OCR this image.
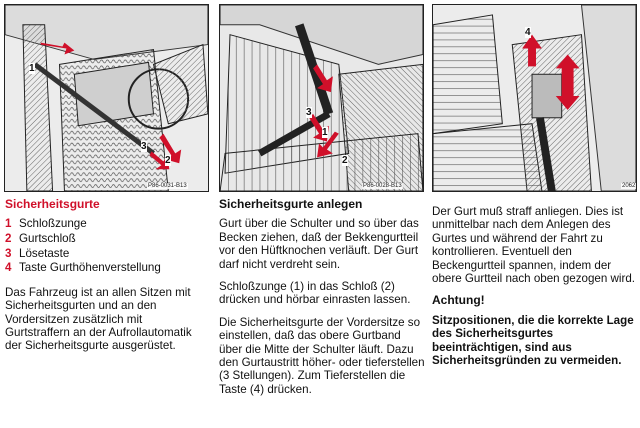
P86-0031-B13
1
3
2
P86-0028-B13
3
1
2
2062
4
Sicherheitsgurte
1 Schloßzunge
2 Gurtschloß
3 Lösetaste
4 Taste Gurthöhenverstellung

Das Fahrzeug ist an allen Sitzen mit Sicherheitsgurten und an den Vordersitzen zusätzlich mit Gurtstraffern an der Aufrollautomatik der Sicherheitsgurte ausgerüstet.

Sicherheitsgurte anlegen

Gurt über die Schulter und so über das Becken ziehen, daß der Bekkengurtteil vor den Hüftknochen verläuft. Der Gurt darf nicht verdreht sein.

Schloßzunge (1) in das Schloß (2) drücken und hörbar einrasten lassen.

Die Sicherheitsgurte der Vordersitze so einstellen, daß das obere Gurtband über die Mitte der Schulter läuft. Dazu den Gurtaustritt höher- oder tieferstellen (3 Stellungen). Zum Tieferstellen die Taste (4) drücken.

Der Gurt muß straff anliegen. Dies ist unmittelbar nach dem Anlegen des Gurtes und während der Fahrt zu kontrollieren. Eventuell den Beckengurtteil spannen, indem der obere Gurtteil nach oben gezogen wird.

Achtung!

Sitzpositionen, die die korrekte Lage des Sicherheitsgurtes beeinträchtigen, sind aus Sicherheitsgründen zu vermeiden.
